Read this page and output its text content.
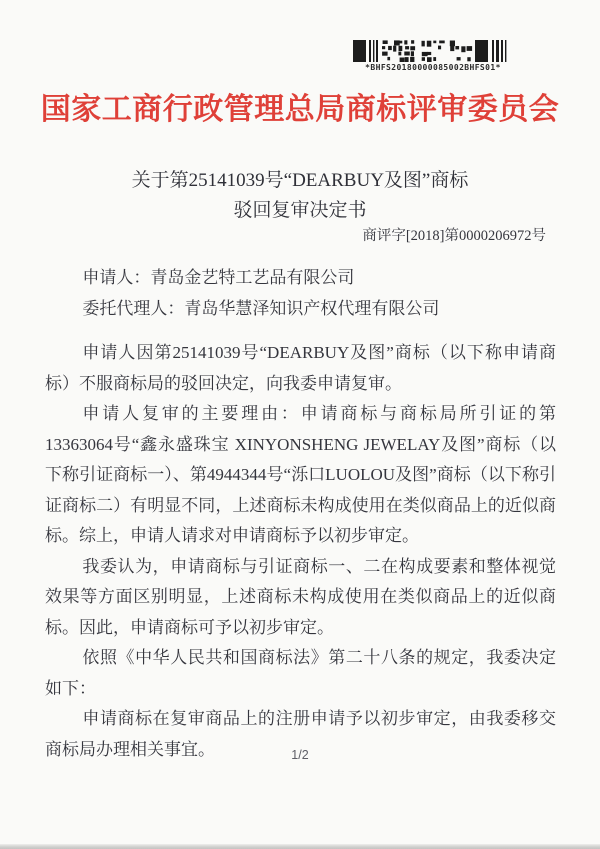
*BHFS20180000085002BHFS01*
国家工商行政管理总局商标评审委员会
关于第25141039号“DEARBUY及图”商标
驳回复审决定书
商评字[2018]第0000206972号

申请人：青岛金艺特工艺品有限公司

委托代理人：青岛华慧泽知识产权代理有限公司

申请人因第25141039号“DEARBUY及图”商标（以下称申请商标）不服商标局的驳回决定，向我委申请复审。

申请人复审的主要理由：申请商标与商标局所引证的第13363064号“鑫永盛珠宝 XINYONSHENG JEWELAY及图”商标（以下称引证商标一）、第4944344号“泺口LUOLOU及图”商标（以下称引证商标二）有明显不同，上述商标未构成使用在类似商品上的近似商标。综上，申请人请求对申请商标予以初步审定。

我委认为，申请商标与引证商标一、二在构成要素和整体视觉效果等方面区别明显，上述商标未构成使用在类似商品上的近似商标。因此，申请商标可予以初步审定。

依照《中华人民共和国商标法》第二十八条的规定，我委决定如下：

申请商标在复审商品上的注册申请予以初步审定，由我委移交商标局办理相关事宜。	1/2
